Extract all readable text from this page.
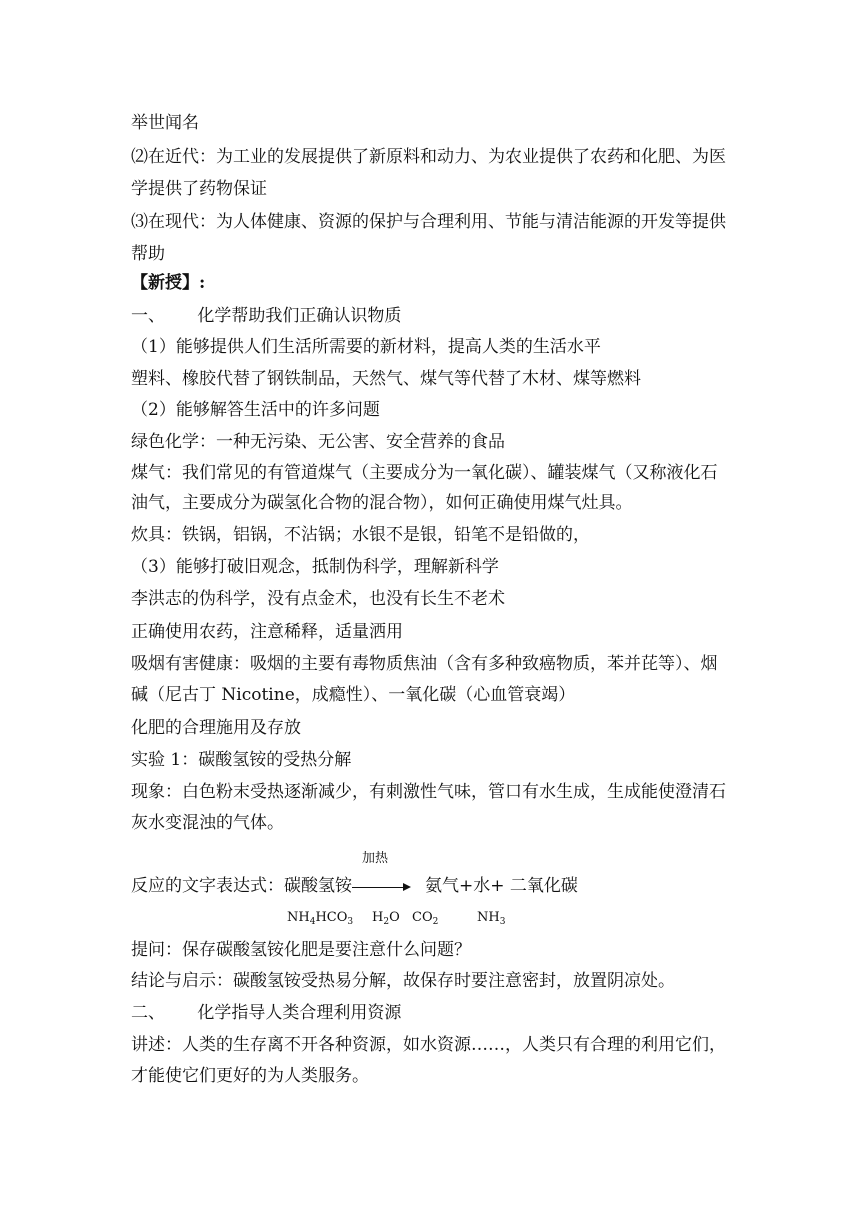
举世闻名
⑵在近代：为工业的发展提供了新原料和动力、为农业提供了农药和化肥、为医
学提供了药物保证
⑶在现代：为人体健康、资源的保护与合理利用、节能与清洁能源的开发等提供
帮助
【新授】:
一、      化学帮助我们正确认识物质
（1）能够提供人们生活所需要的新材料，提高人类的生活水平
塑料、橡胶代替了钢铁制品，天然气、煤气等代替了木材、煤等燃料
（2）能够解答生活中的许多问题
绿色化学：一种无污染、无公害、安全营养的食品
煤气：我们常见的有管道煤气（主要成分为一氧化碳）、罐装煤气（又称液化石
油气，主要成分为碳氢化合物的混合物），如何正确使用煤气灶具。
炊具：铁锅，铝锅，不沾锅；水银不是银，铅笔不是铅做的，
（3）能够打破旧观念，抵制伪科学，理解新科学
李洪志的伪科学，没有点金术，也没有长生不老术
正确使用农药，注意稀释，适量洒用
吸烟有害健康：吸烟的主要有毒物质焦油（含有多种致癌物质，苯并芘等）、烟
碱（尼古丁 Nicotine，成瘾性）、一氧化碳（心血管衰竭）
化肥的合理施用及存放
实验 1：碳酸氢铵的受热分解
现象：白色粉末受热逐渐减少，有刺激性气味，管口有水生成，生成能使澄清石
灰水变混浊的气体。
加热
反应的文字表达式：碳酸氢铵	氨气+水+ 二氧化碳
$NH_4HCO_3$ $H_2O$ $CO_2$	$NH_3$
提问：保存碳酸氢铵化肥是要注意什么问题？
结论与启示：碳酸氢铵受热易分解，故保存时要注意密封，放置阴凉处。
二、      化学指导人类合理利用资源
讲述：人类的生存离不开各种资源，如水资源……，人类只有合理的利用它们，
才能使它们更好的为人类服务。
